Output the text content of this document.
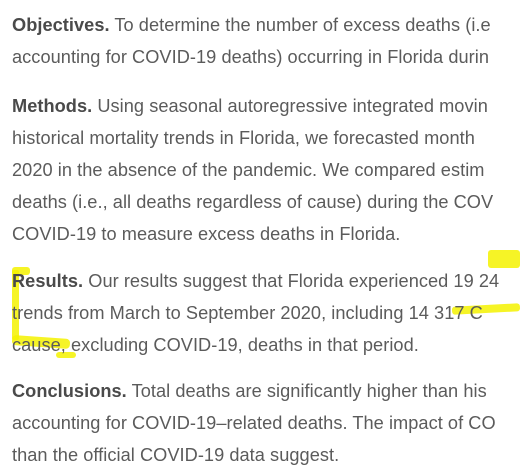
Objectives. To determine the number of excess deaths (i.e
accounting for COVID-19 deaths) occurring in Florida durin
Methods. Using seasonal autoregressive integrated movin
historical mortality trends in Florida, we forecasted month
2020 in the absence of the pandemic. We compared estim
deaths (i.e., all deaths regardless of cause) during the COV
COVID-19 to measure excess deaths in Florida.
Results. Our results suggest that Florida experienced 19 24
trends from March to September 2020, including 14 317 C
cause, excluding COVID-19, deaths in that period.
Conclusions. Total deaths are significantly higher than his
accounting for COVID-19–related deaths. The impact of CO
than the official COVID-19 data suggest.
